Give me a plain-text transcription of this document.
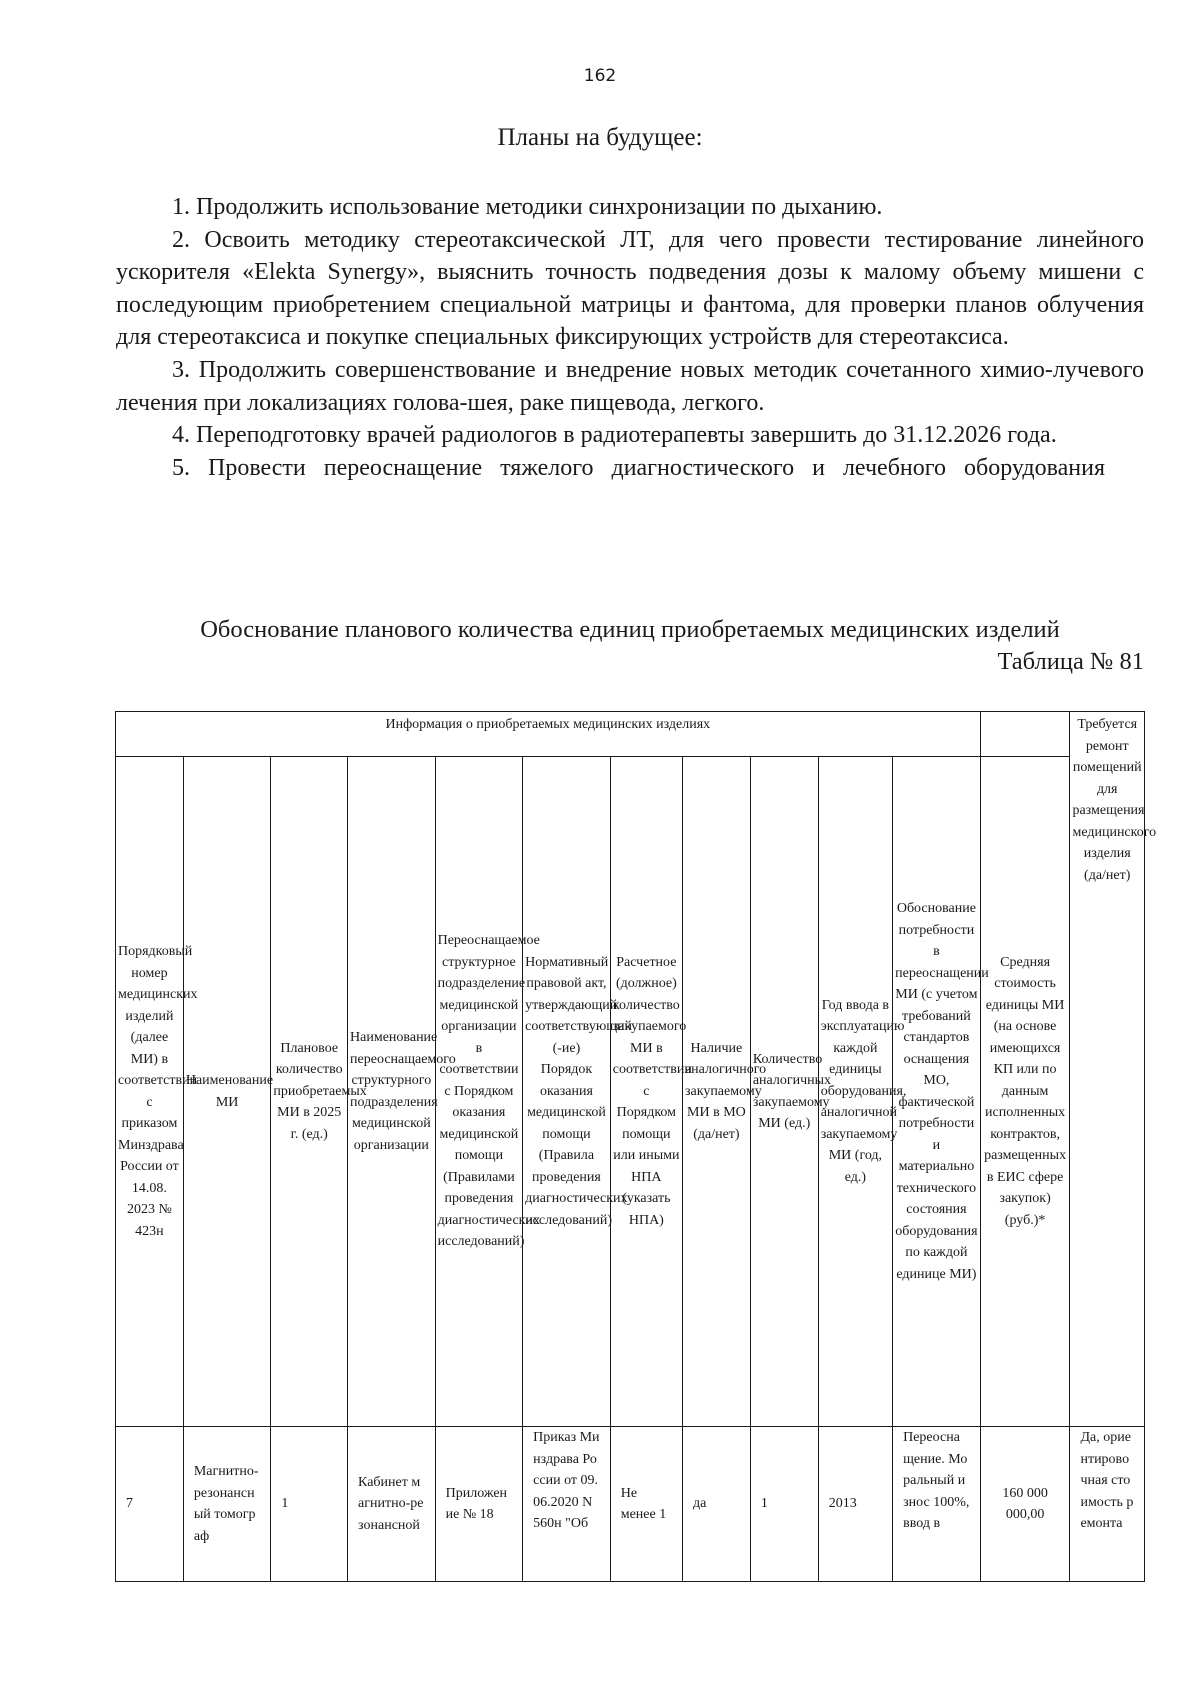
162
Планы на будущее:

1. Продолжить использование методики синхронизации по дыханию.

2. Освоить методику стереотаксической ЛТ, для чего провести тестирование линейного ускорителя «Elekta Synergy», выяснить точность подведения дозы к малому объему мишени с последующим приобретением специальной матрицы и фантома, для проверки планов облучения для стереотаксиса и покупке специальных фиксирующих устройств для стереотаксиса.

3. Продолжить совершенствование и внедрение новых методик сочетанного химио-лучевого лечения при локализациях голова-шея, раке пищевода, легкого.

4. Переподготовку врачей радиологов в радиотерапевты завершить до 31.12.2026 года.

5. Провести переоснащение тяжелого диагностического и лечебного оборудования

Обоснование планового количества единиц приобретаемых медицинских изделий
Таблица № 81
Информация о приобретаемых медицинских изделиях												Требуется ремонт помещений для размещения медицинского изделия (да/нет)
Порядковый номер медицинских изделий (далее МИ) в соответствии с приказом Минздрава России от 14.08. 2023 № 423н	Наименование МИ	Плановое количество приобретаемых МИ в 2025 г. (ед.)	Наименование переоснащаемого структурного подразделения медицинской организации	Переоснащаемое структурное подразделение медицинской организации в соответствии с Порядком оказания медицинской помощи (Правилами проведения диагностических исследований)	Нормативный правовой акт, утверждающий соответствующий (-ие) Порядок оказания медицинской помощи (Правила проведения диагностических исследований)	Расчетное (должное) количество закупаемого МИ в соответствии с Порядком помощи или иными НПА (указать НПА)	Наличие аналогичного закупаемому МИ в МО (да/нет)	Количество аналогичных закупаемому МИ (ед.)	Год ввода в эксплуатацию каждой единицы оборудования, аналогичной закупаемому МИ (год, ед.)	Обоснование потребности в переоснащении МИ (с учетом требований стандартов оснащения МО, фактической потребности и материально технического состояния оборудования по каждой единице МИ)	Средняя стоимость единицы МИ (на основе имеющихся КП или по данным исполненных контрактов, размещенных в ЕИС сфере закупок) (руб.)*	
7	Магнитно-резонансный томограф	1	Кабинет магнитно-резонансной	Приложение № 18	Приказ Минздрава России от 09.06.2020 N 560н "Об	Не менее 1	да	1	2013	Переоснащение. Моральный износ 100%, ввод в	160 000 000,00	Да, ориентировочная стоимость ремонта
